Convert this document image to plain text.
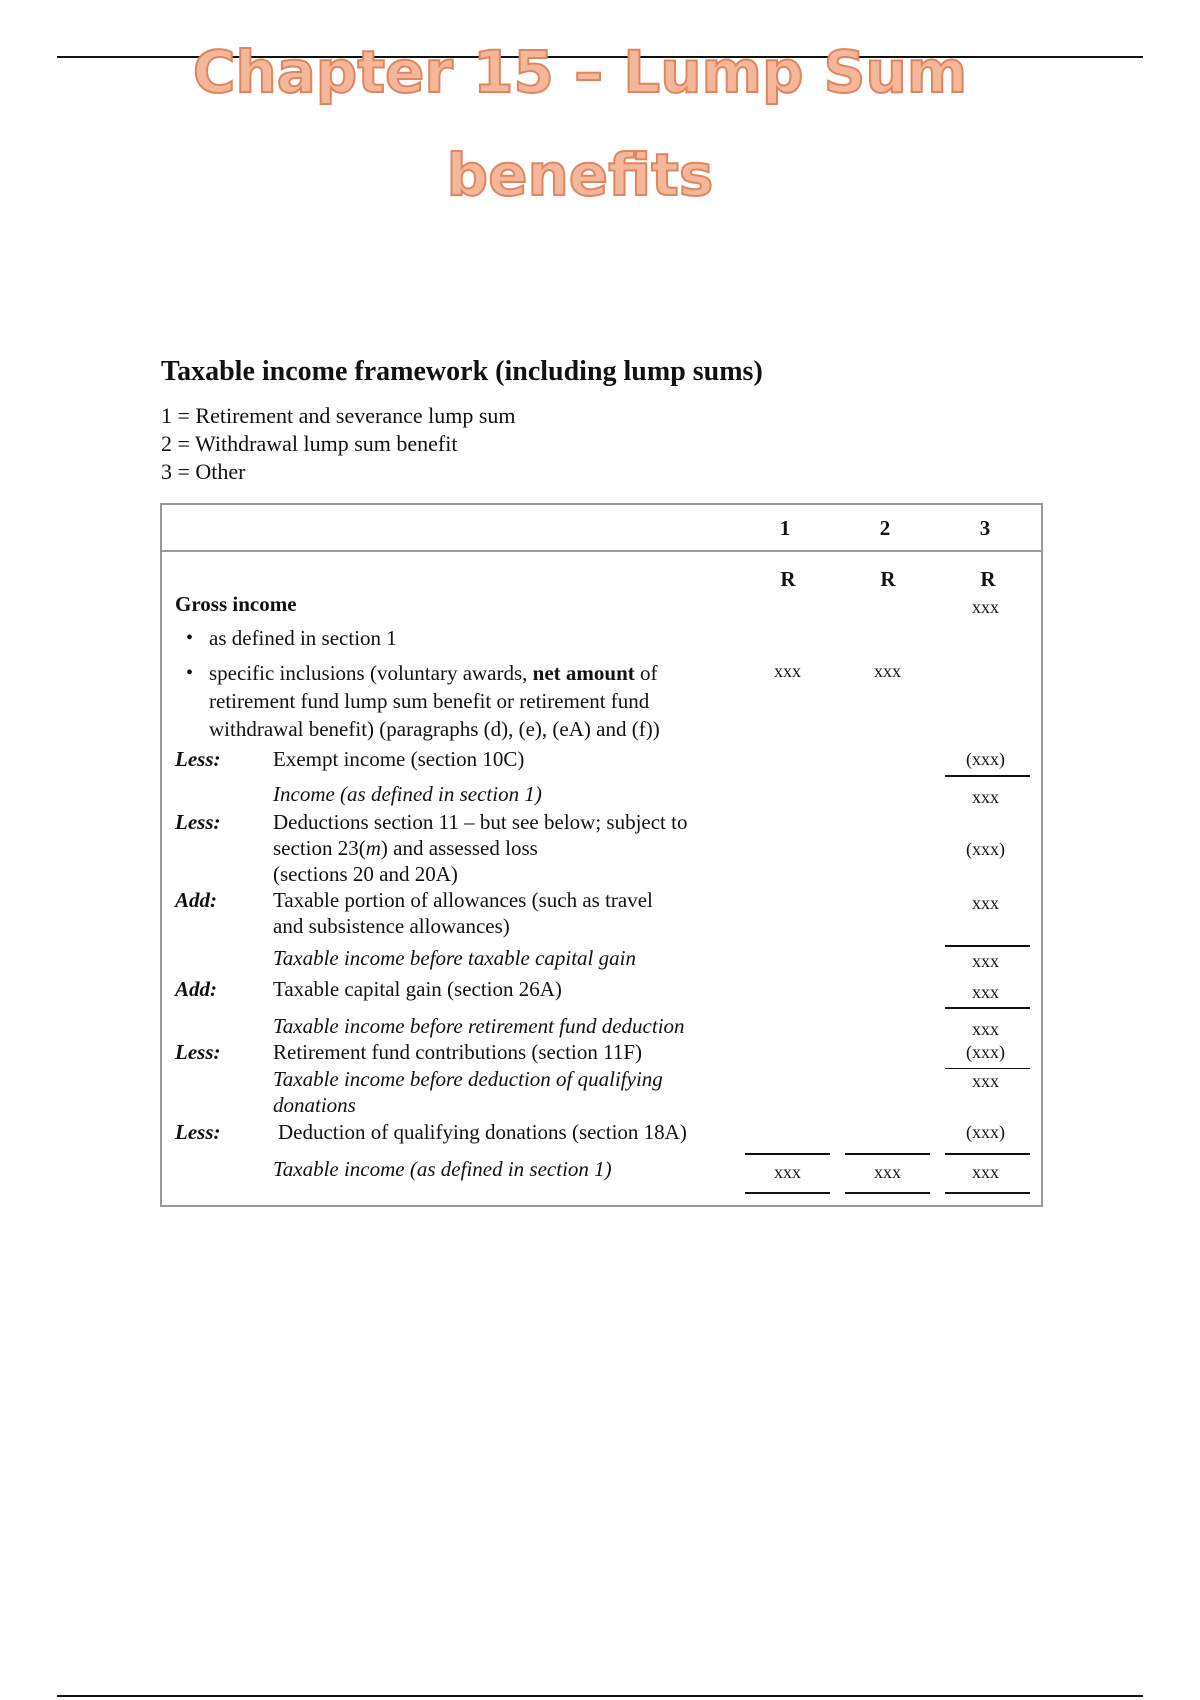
Chapter 15 – Lump Sum
benefits
Taxable income framework (including lump sums)
1 = Retirement and severance lump sum
2 = Withdrawal lump sum benefit
3 = Other
1	2	3
R	R	R
Gross income	xxx
• as defined in section 1
• specific inclusions (voluntary awards, net amount of
retirement fund lump sum benefit or retirement fund
withdrawal benefit) (paragraphs (d), (e), (eA) and (f))
xxx	xxx
Less:	Exempt income (section 10C)	(xxx)
Income (as defined in section 1)	xxx
Less:	Deductions section 11 – but see below; subject to
section 23(m) and assessed loss
(sections 20 and 20A)
(xxx)
Add:	Taxable portion of allowances (such as travel
and subsistence allowances)
xxx
Taxable income before taxable capital gain	xxx
Add:	Taxable capital gain (section 26A)	xxx
Taxable income before retirement fund deduction	xxx
Less:	Retirement fund contributions (section 11F)	(xxx)
Taxable income before deduction of qualifying
donations
xxx
Less:	Deduction of qualifying donations (section 18A)	(xxx)
Taxable income (as defined in section 1)	xxx	xxx	xxx
